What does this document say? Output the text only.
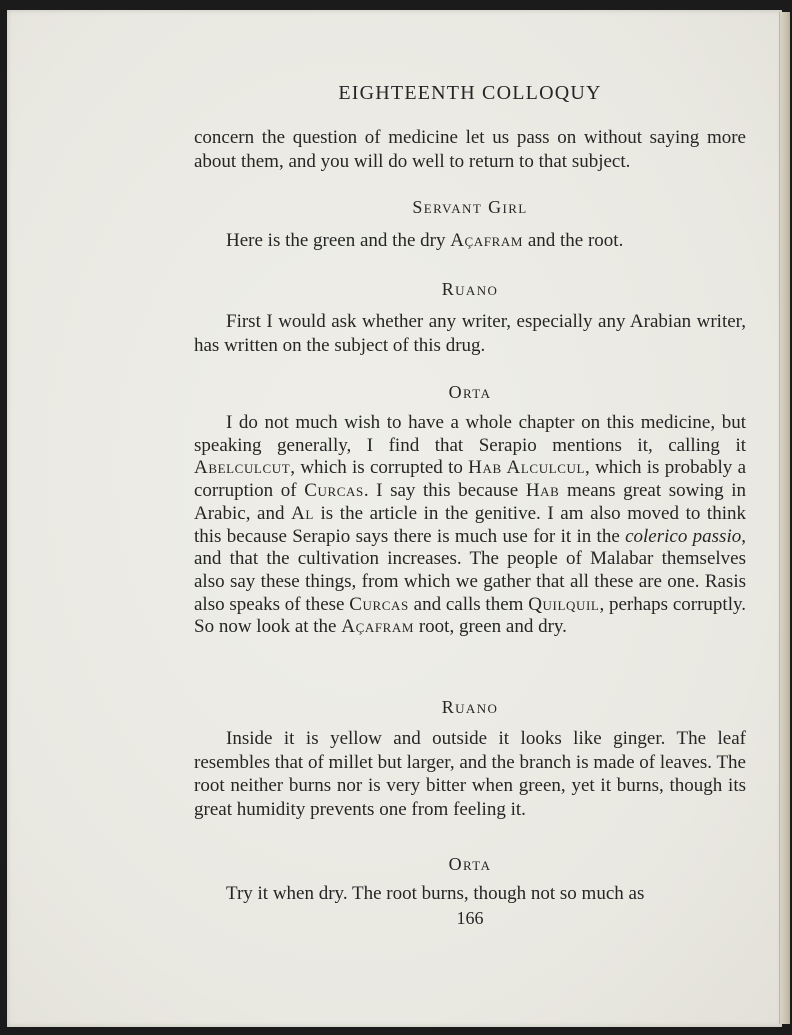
EIGHTEENTH COLLOQUY

concern the question of medicine let us pass on without saying more about them, and you will do well to return to that subject.

Servant Girl

Here is the green and the dry Açafram and the root.

Ruano

First I would ask whether any writer, especially any Arabian writer, has written on the subject of this drug.

Orta

I do not much wish to have a whole chapter on this medicine, but speaking generally, I find that Serapio mentions it, calling it Abelculcut, which is corrupted to Hab Alculcul, which is probably a corruption of Curcas. I say this because Hab means great sowing in Arabic, and Al is the article in the genitive. I am also moved to think this because Serapio says there is much use for it in the colerico passio, and that the cultivation increases. The people of Malabar themselves also say these things, from which we gather that all these are one. Rasis also speaks of these Curcas and calls them Quilquil, perhaps corruptly. So now look at the Açafram root, green and dry.

Ruano

Inside it is yellow and outside it looks like ginger. The leaf resembles that of millet but larger, and the branch is made of leaves. The root neither burns nor is very bitter when green, yet it burns, though its great humidity prevents one from feeling it.

Orta

Try it when dry. The root burns, though not so much as

166
